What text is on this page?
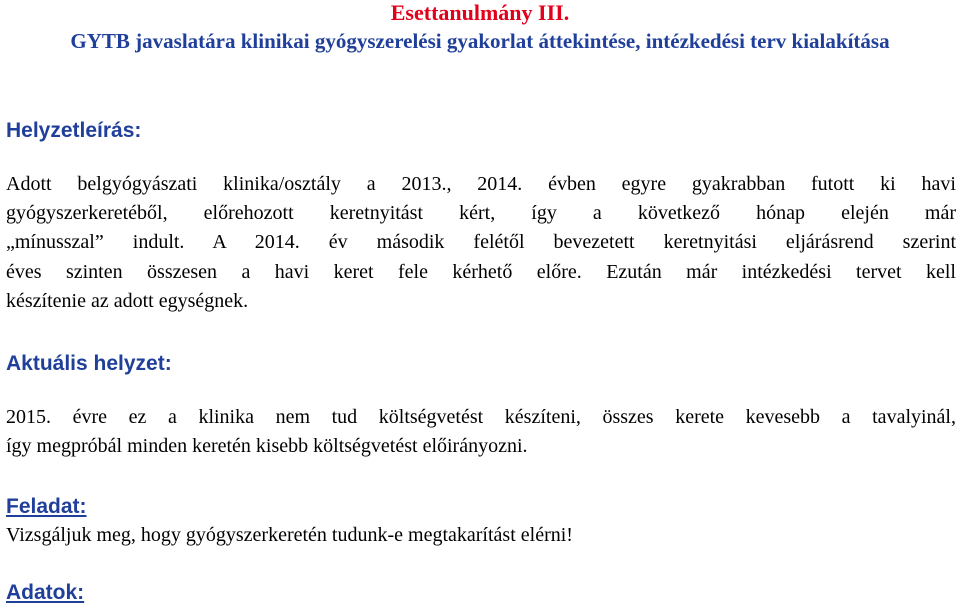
Esettanulmány III.
GYTB javaslatára klinikai gyógyszerelési gyakorlat áttekintése, intézkedési terv kialakítása
Helyzetleírás:
Adott belgyógyászati klinika/osztály a 2013., 2014. évben egyre gyakrabban futott ki havi
gyógyszerkeretéből, előrehozott keretnyitást kért, így a következő hónap elején már
„mínusszal” indult. A 2014. év második felétől bevezetett keretnyitási eljárásrend szerint
éves szinten összesen a havi keret fele kérhető előre. Ezután már intézkedési tervet kell
készítenie az adott egységnek.
Aktuális helyzet:
2015. évre ez a klinika nem tud költségvetést készíteni, összes kerete kevesebb a tavalyinál,
így megpróbál minden keretén kisebb költségvetést előirányozni.
Feladat:
Vizsgáljuk meg, hogy gyógyszerkeretén tudunk-e megtakarítást elérni!
Adatok:
